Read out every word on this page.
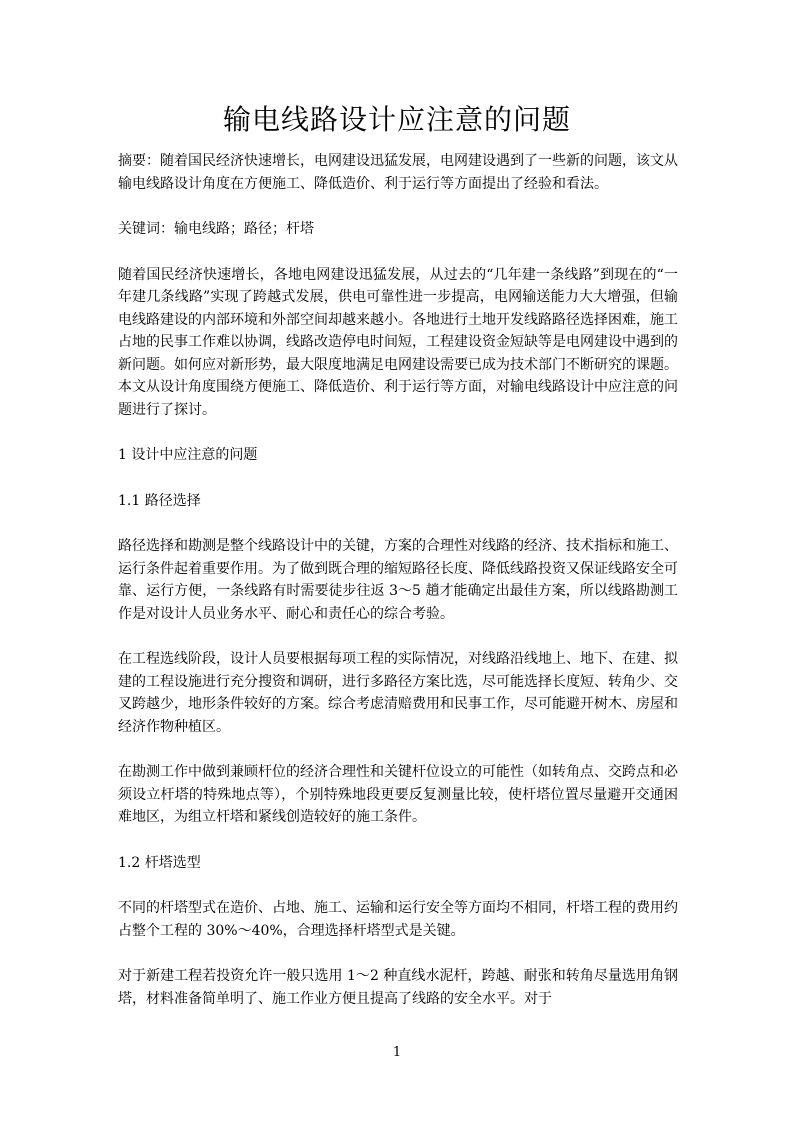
输电线路设计应注意的问题

摘要：随着国民经济快速增长，电网建设迅猛发展，电网建设遇到了一些新的问题，该文从输电线路设计角度在方便施工、降低造价、利于运行等方面提出了经验和看法。

关键词：输电线路；路径；杆塔

随着国民经济快速增长，各地电网建设迅猛发展，从过去的“几年建一条线路”到现在的“一年建几条线路”实现了跨越式发展，供电可靠性进一步提高，电网输送能力大大增强，但输电线路建设的内部环境和外部空间却越来越小。各地进行土地开发线路路径选择困难，施工占地的民事工作难以协调，线路改造停电时间短，工程建设资金短缺等是电网建设中遇到的新问题。如何应对新形势，最大限度地满足电网建设需要已成为技术部门不断研究的课题。本文从设计角度围绕方便施工、降低造价、利于运行等方面，对输电线路设计中应注意的问题进行了探讨。

1 设计中应注意的问题

1.1 路径选择

路径选择和勘测是整个线路设计中的关键，方案的合理性对线路的经济、技术指标和施工、运行条件起着重要作用。为了做到既合理的缩短路径长度、降低线路投资又保证线路安全可靠、运行方便，一条线路有时需要徒步往返 3～5 趟才能确定出最佳方案，所以线路勘测工作是对设计人员业务水平、耐心和责任心的综合考验。

在工程选线阶段，设计人员要根据每项工程的实际情况，对线路沿线地上、地下、在建、拟建的工程设施进行充分搜资和调研，进行多路径方案比选，尽可能选择长度短、转角少、交叉跨越少，地形条件较好的方案。综合考虑清赔费用和民事工作，尽可能避开树木、房屋和经济作物种植区。

在勘测工作中做到兼顾杆位的经济合理性和关键杆位设立的可能性（如转角点、交跨点和必须设立杆塔的特殊地点等），个别特殊地段更要反复测量比较，使杆塔位置尽量避开交通困难地区，为组立杆塔和紧线创造较好的施工条件。

1.2 杆塔选型

不同的杆塔型式在造价、占地、施工、运输和运行安全等方面均不相同，杆塔工程的费用约占整个工程的 30%～40%，合理选择杆塔型式是关键。

对于新建工程若投资允许一般只选用 1～2 种直线水泥杆，跨越、耐张和转角尽量选用角钢塔，材料准备简单明了、施工作业方便且提高了线路的安全水平。对于

1
